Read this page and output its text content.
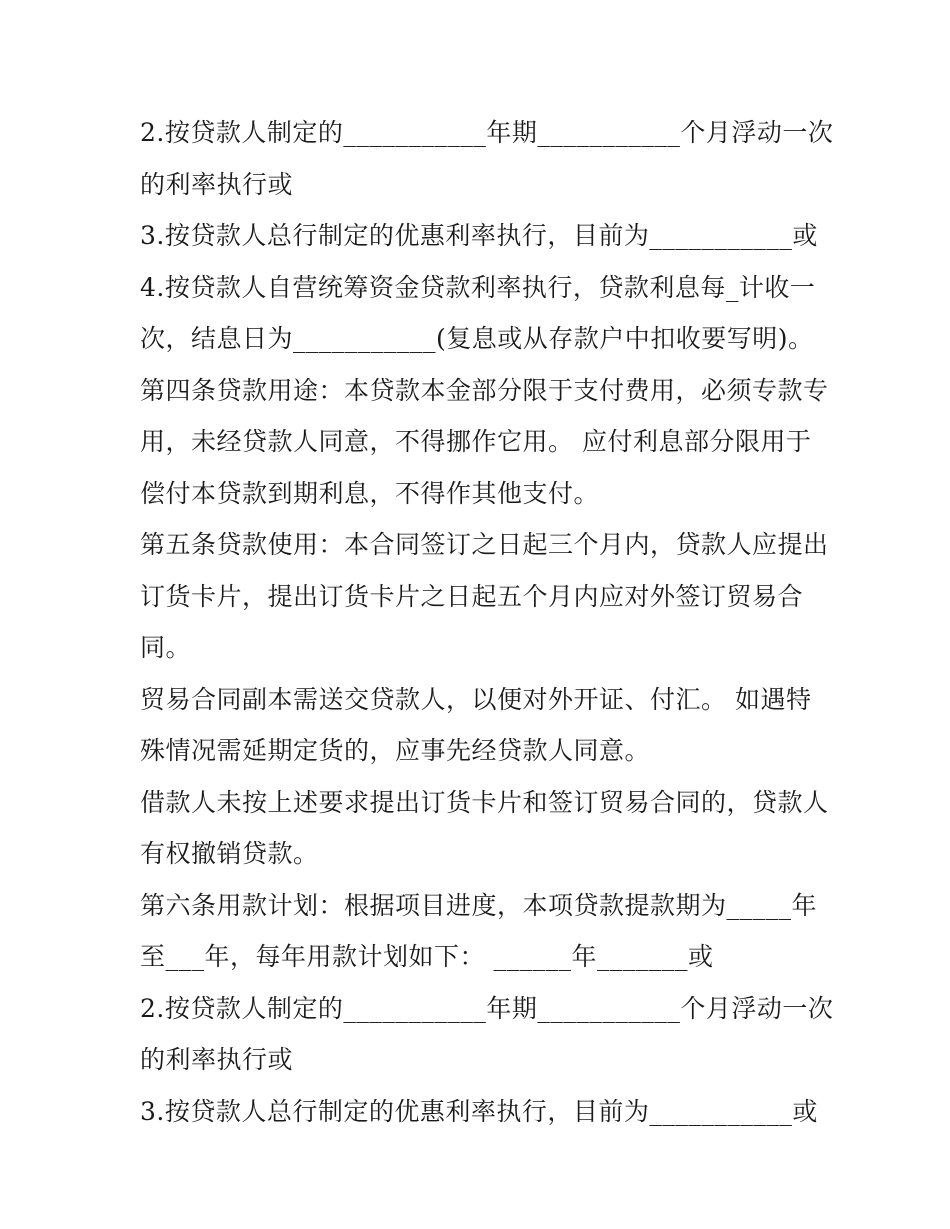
2.按贷款人制定的___________年期___________个月浮动一次
的利率执行或
3.按贷款人总行制定的优惠利率执行，目前为___________或
4.按贷款人自营统筹资金贷款利率执行，贷款利息每_计收一
次，结息日为___________(复息或从存款户中扣收要写明)。
第四条贷款用途：本贷款本金部分限于支付费用，必须专款专
用，未经贷款人同意，不得挪作它用。 应付利息部分限用于
偿付本贷款到期利息，不得作其他支付。
第五条贷款使用：本合同签订之日起三个月内，贷款人应提出
订货卡片，提出订货卡片之日起五个月内应对外签订贸易合
同。
贸易合同副本需送交贷款人，以便对外开证、付汇。 如遇特
殊情况需延期定货的，应事先经贷款人同意。
借款人未按上述要求提出订货卡片和签订贸易合同的，贷款人
有权撤销贷款。
第六条用款计划：根据项目进度，本项贷款提款期为_____年
至___年，每年用款计划如下： ______年_______或
2.按贷款人制定的___________年期___________个月浮动一次
的利率执行或
3.按贷款人总行制定的优惠利率执行，目前为___________或
